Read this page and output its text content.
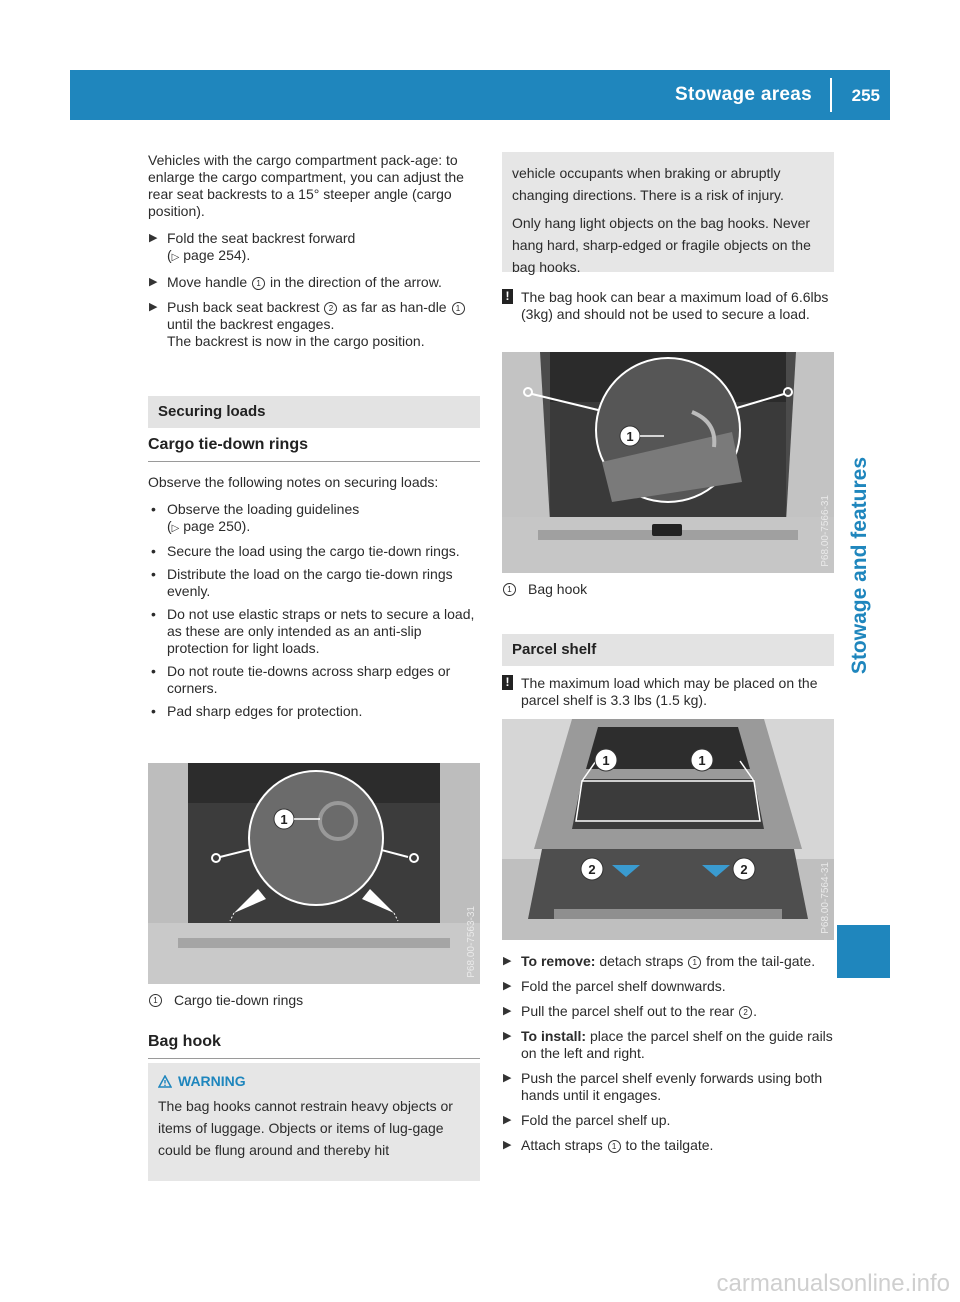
Stowage areas 255
Stowage and features

Vehicles with the cargo compartment pack-age: to enlarge the cargo compartment, you can adjust the rear seat backrests to a 15° steeper angle (cargo position).

▶ Fold the seat backrest forward
(▷ page 254).
▶ Move handle 1 in the direction of the arrow.
▶ Push back seat backrest 2 as far as han-dle 1 until the backrest engages.
The backrest is now in the cargo position.
Securing loads
Cargo tie-down rings

Observe the following notes on securing loads:

• Observe the loading guidelines
(▷ page 250).
• Secure the load using the cargo tie-down rings.
• Distribute the load on the cargo tie-down rings evenly.
• Do not use elastic straps or nets to secure a load, as these are only intended as an anti-slip protection for light loads.
• Do not route tie-downs across sharp edges or corners.
• Pad sharp edges for protection.
1
P68.00-7563-31
1	Cargo tie-down rings
Bag hook
WARNING

The bag hooks cannot restrain heavy objects or items of luggage. Objects or items of lug-gage could be flung around and thereby hit

vehicle occupants when braking or abruptly changing directions. There is a risk of injury.

Only hang light objects on the bag hooks. Never hang hard, sharp-edged or fragile objects on the bag hooks.

! The bag hook can bear a maximum load of 6.6lbs (3kg) and should not be used to secure a load.
1
P68.00-7566-31
1	Bag hook
Parcel shelf
! The maximum load which may be placed on the parcel shelf is 3.3 lbs (1.5 kg).
1	1
2	2	P68.00-7564-31
▶ To remove: detach straps 1 from the tail-gate.
▶ Fold the parcel shelf downwards.
▶ Pull the parcel shelf out to the rear 2 .
▶ To install: place the parcel shelf on the guide rails on the left and right.
▶ Push the parcel shelf evenly forwards using both hands until it engages.
▶ Fold the parcel shelf up.
▶ Attach straps 1 to the tailgate.
carmanualsonline.info
